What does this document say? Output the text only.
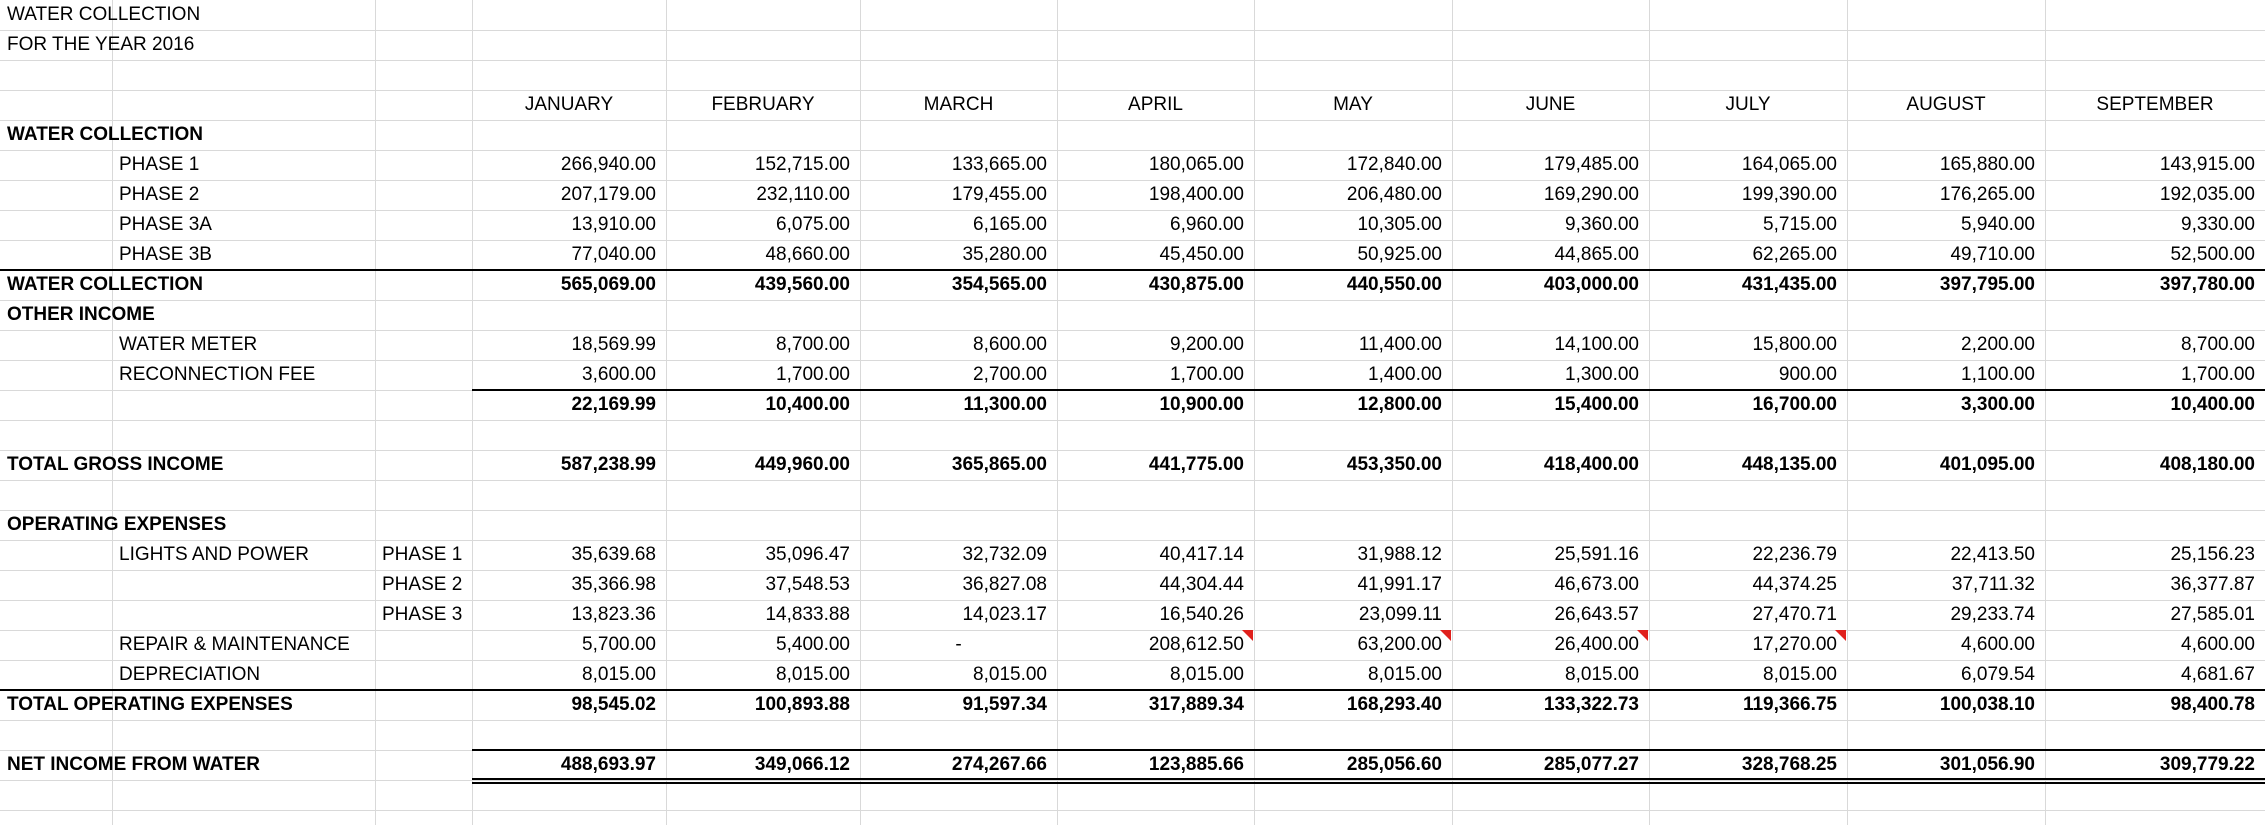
WATER COLLECTION
FOR THE YEAR 2016
JANUARY	FEBRUARY	MARCH	APRIL	MAY	JUNE	JULY	AUGUST	SEPTEMBER
WATER COLLECTION
PHASE 1	266,940.00	152,715.00	133,665.00	180,065.00	172,840.00	179,485.00	164,065.00	165,880.00	143,915.00
PHASE 2	207,179.00	232,110.00	179,455.00	198,400.00	206,480.00	169,290.00	199,390.00	176,265.00	192,035.00
PHASE 3A	13,910.00	6,075.00	6,165.00	6,960.00	10,305.00	9,360.00	5,715.00	5,940.00	9,330.00
PHASE 3B	77,040.00	48,660.00	35,280.00	45,450.00	50,925.00	44,865.00	62,265.00	49,710.00	52,500.00
WATER COLLECTION	565,069.00	439,560.00	354,565.00	430,875.00	440,550.00	403,000.00	431,435.00	397,795.00	397,780.00
OTHER INCOME
WATER METER	18,569.99	8,700.00	8,600.00	9,200.00	11,400.00	14,100.00	15,800.00	2,200.00	8,700.00
RECONNECTION FEE	3,600.00	1,700.00	2,700.00	1,700.00	1,400.00	1,300.00	900.00	1,100.00	1,700.00
22,169.99	10,400.00	11,300.00	10,900.00	12,800.00	15,400.00	16,700.00	3,300.00	10,400.00
TOTAL GROSS INCOME	587,238.99	449,960.00	365,865.00	441,775.00	453,350.00	418,400.00	448,135.00	401,095.00	408,180.00
OPERATING EXPENSES
LIGHTS AND POWER	PHASE 1	35,639.68	35,096.47	32,732.09	40,417.14	31,988.12	25,591.16	22,236.79	22,413.50	25,156.23
PHASE 2	35,366.98	37,548.53	36,827.08	44,304.44	41,991.17	46,673.00	44,374.25	37,711.32	36,377.87
PHASE 3	13,823.36	14,833.88	14,023.17	16,540.26	23,099.11	26,643.57	27,470.71	29,233.74	27,585.01
REPAIR & MAINTENANCE	5,700.00	5,400.00	-	208,612.50	63,200.00	26,400.00	17,270.00	4,600.00	4,600.00
DEPRECIATION	8,015.00	8,015.00	8,015.00	8,015.00	8,015.00	8,015.00	8,015.00	6,079.54	4,681.67
TOTAL OPERATING EXPENSES	98,545.02	100,893.88	91,597.34	317,889.34	168,293.40	133,322.73	119,366.75	100,038.10	98,400.78
NET INCOME FROM WATER	488,693.97	349,066.12	274,267.66	123,885.66	285,056.60	285,077.27	328,768.25	301,056.90	309,779.22
